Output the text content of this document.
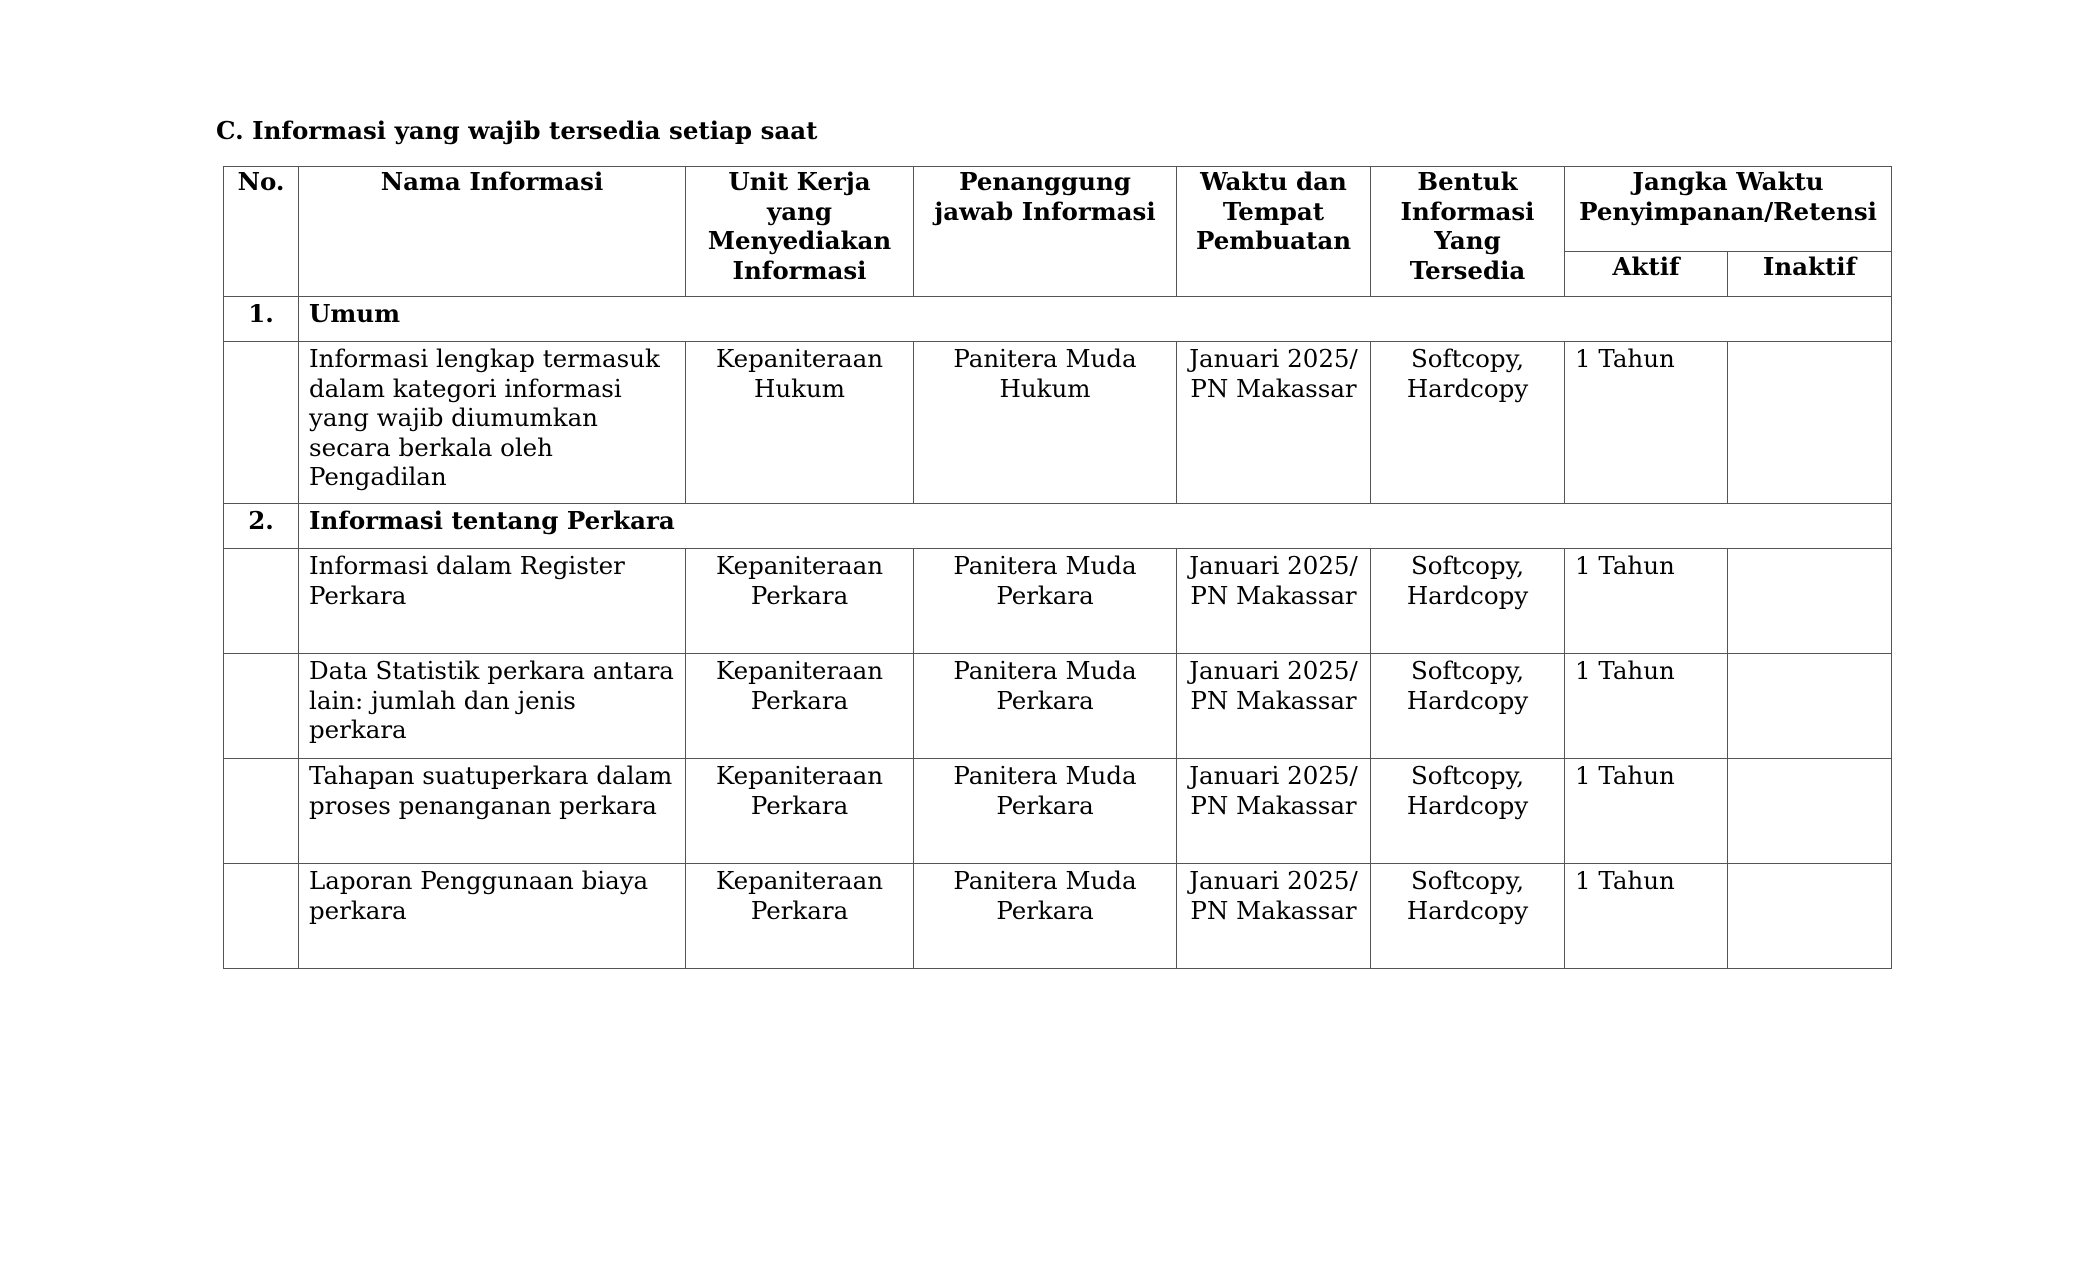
C. Informasi yang wajib tersedia setiap saat
No.	Nama Informasi	Unit Kerja yang Menyediakan Informasi	Penanggung jawab Informasi	Waktu dan Tempat Pembuatan	Bentuk Informasi Yang Tersedia	Jangka Waktu Penyimpanan/Retensi	
						Aktif	Inaktif
1.	Umum						
	Informasi lengkap termasuk dalam kategori informasi yang wajib diumumkan secara berkala oleh Pengadilan	Kepaniteraan Hukum	Panitera Muda Hukum	Januari 2025/ PN Makassar	Softcopy, Hardcopy	1 Tahun	
2.	Informasi tentang Perkara						
	Informasi dalam Register Perkara	Kepaniteraan Perkara	Panitera Muda Perkara	Januari 2025/ PN Makassar	Softcopy, Hardcopy	1 Tahun	
	Data Statistik perkara antara lain: jumlah dan jenis perkara	Kepaniteraan Perkara	Panitera Muda Perkara	Januari 2025/ PN Makassar	Softcopy, Hardcopy	1 Tahun	
	Tahapan suatuperkara dalam proses penanganan perkara	Kepaniteraan Perkara	Panitera Muda Perkara	Januari 2025/ PN Makassar	Softcopy, Hardcopy	1 Tahun	
	Laporan Penggunaan biaya perkara	Kepaniteraan Perkara	Panitera Muda Perkara	Januari 2025/ PN Makassar	Softcopy, Hardcopy	1 Tahun	
